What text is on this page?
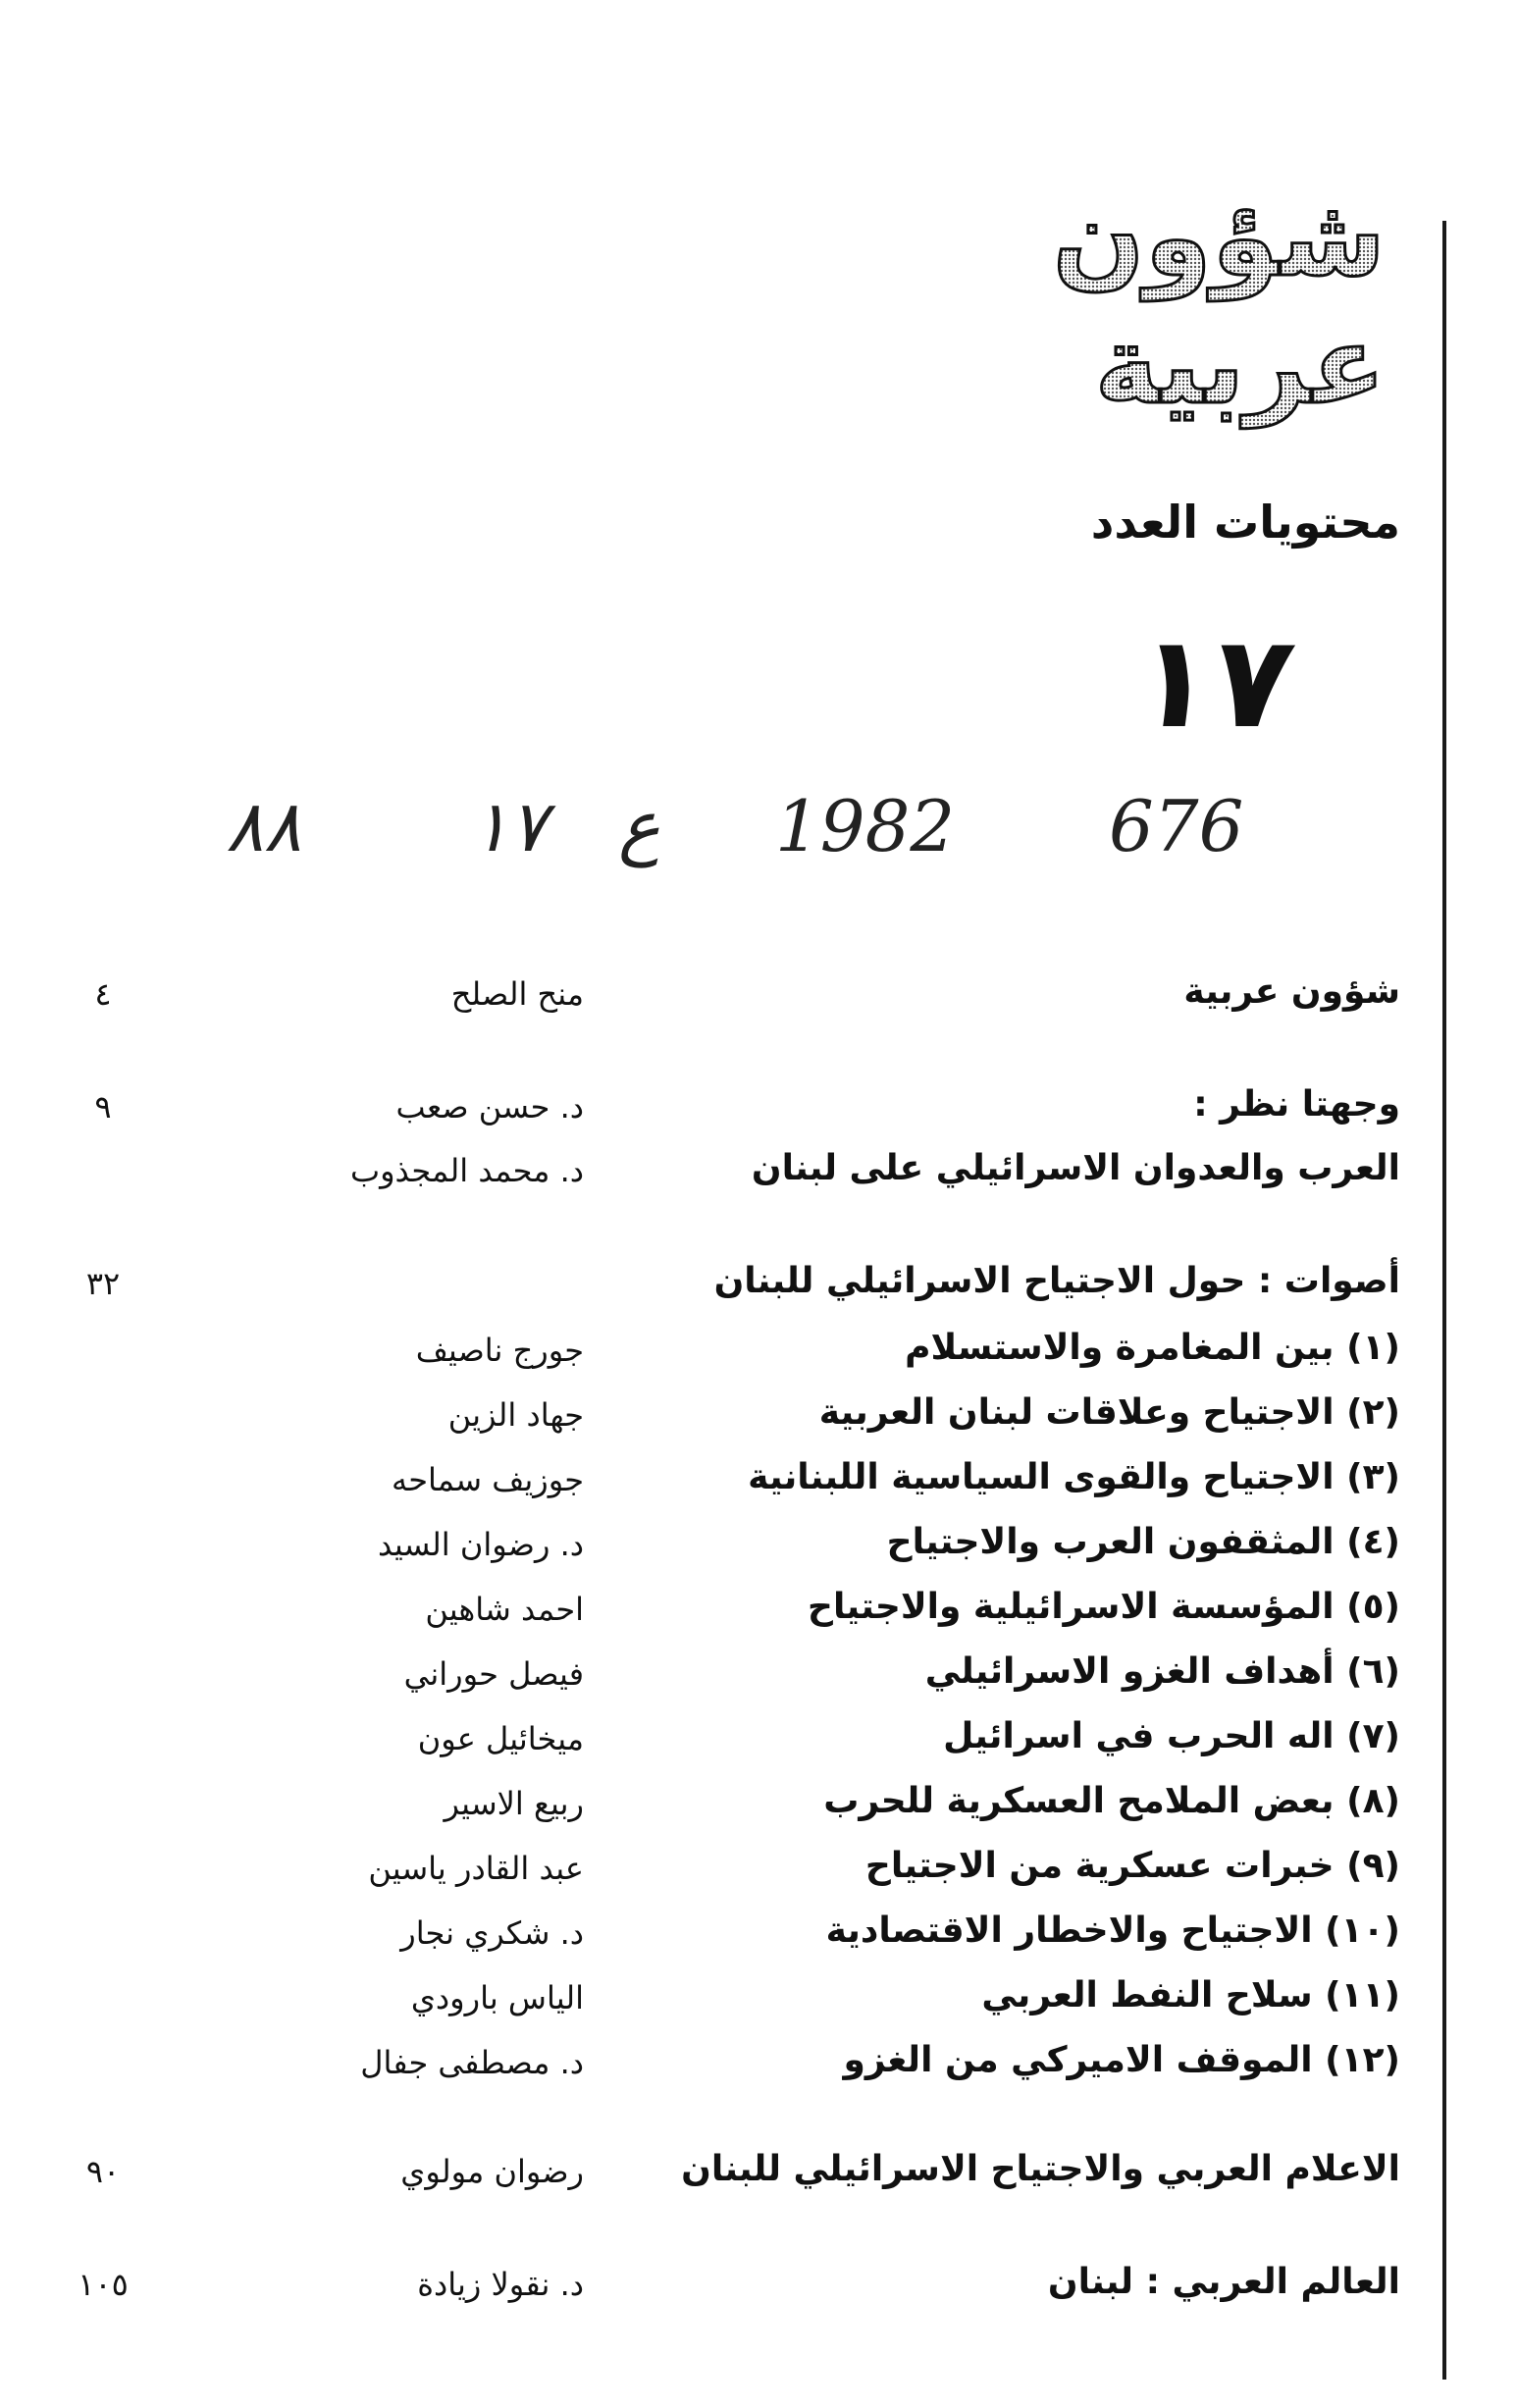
شؤون
عربية
محتويات العدد
١٧
٨٨ ١٧ ع 1982 676
شؤون عربية
منح الصلح
٤
وجهتا نظر :
د. حسن صعب
٩
العرب والعدوان الاسرائيلي على لبنان
د. محمد المجذوب
أصوات : حول الاجتياح الاسرائيلي للبنان
٣٢
(١) بين المغامرة والاستسلام
جورج ناصيف
(٢) الاجتياح وعلاقات لبنان العربية
جهاد الزين
(٣) الاجتياح والقوى السياسية اللبنانية
جوزيف سماحه
(٤) المثقفون العرب والاجتياح
د. رضوان السيد
(٥) المؤسسة الاسرائيلية والاجتياح
احمد شاهين
(٦) أهداف الغزو الاسرائيلي
فيصل حوراني
(٧) اله الحرب في اسرائيل
ميخائيل عون
(٨) بعض الملامح العسكرية للحرب
ربيع الاسير
(٩) خبرات عسكرية من الاجتياح
عبد القادر ياسين
(١٠) الاجتياح والاخطار الاقتصادية
د. شكري نجار
(١١) سلاح النفط العربي
الياس بارودي
(١٢) الموقف الاميركي من الغزو
د. مصطفى جفال
الاعلام العربي والاجتياح الاسرائيلي للبنان
رضوان مولوي
٩٠
العالم العربي : لبنان
د. نقولا زيادة
١٠٥
